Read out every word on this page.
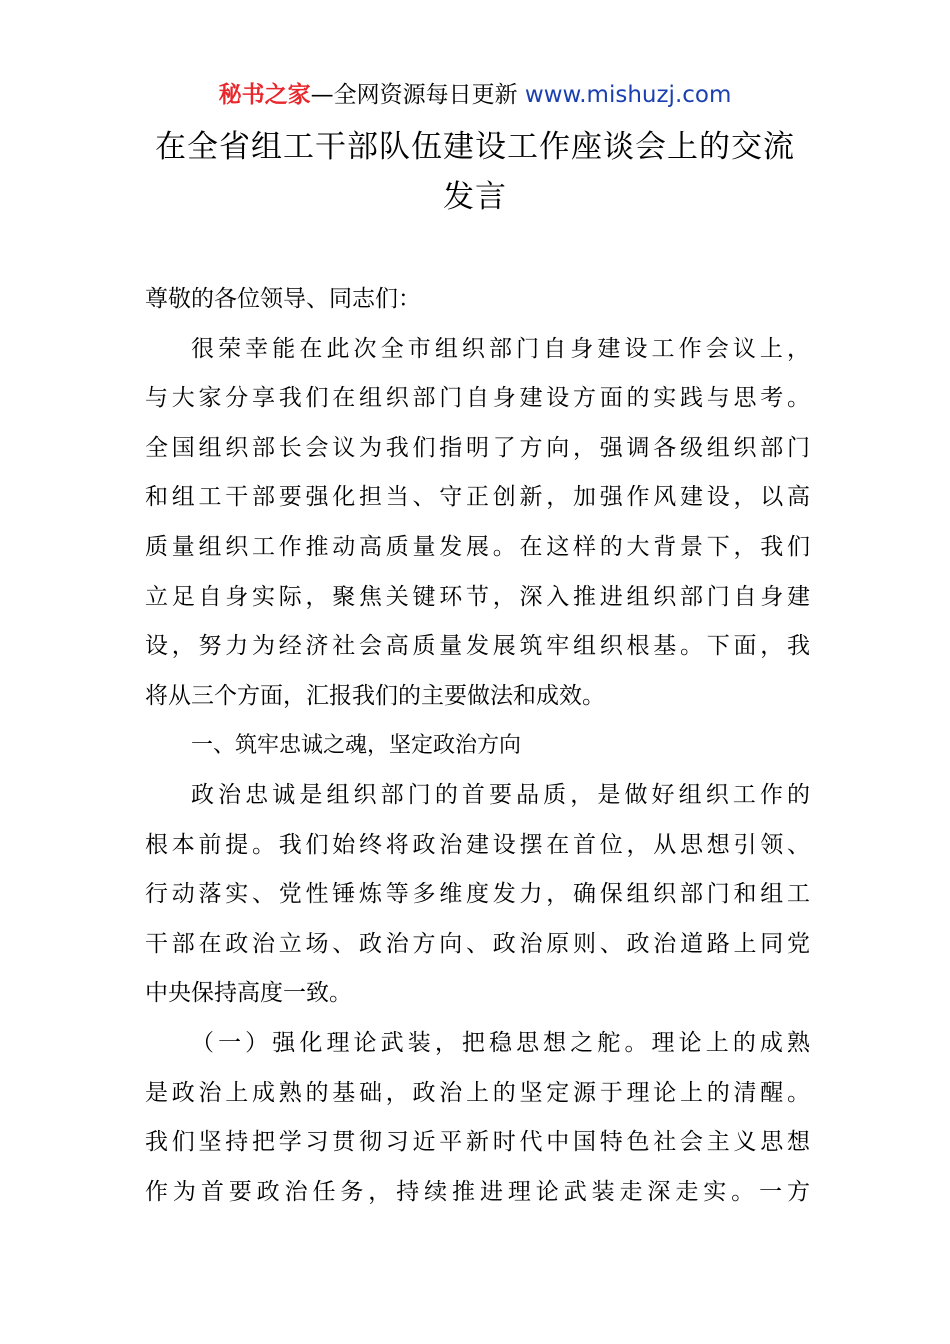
秘书之家—全网资源每日更新 www.mishuzj.com
在全省组工干部队伍建设工作座谈会上的交流
发言
尊敬的各位领导、同志们：
很荣幸能在此次全市组织部门自身建设工作会议上，
与大家分享我们在组织部门自身建设方面的实践与思考。
全国组织部长会议为我们指明了方向，强调各级组织部门
和组工干部要强化担当、守正创新，加强作风建设，以高
质量组织工作推动高质量发展。在这样的大背景下，我们
立足自身实际，聚焦关键环节，深入推进组织部门自身建
设，努力为经济社会高质量发展筑牢组织根基。下面，我
将从三个方面，汇报我们的主要做法和成效。
一、筑牢忠诚之魂，坚定政治方向
政治忠诚是组织部门的首要品质，是做好组织工作的
根本前提。我们始终将政治建设摆在首位，从思想引领、
行动落实、党性锤炼等多维度发力，确保组织部门和组工
干部在政治立场、政治方向、政治原则、政治道路上同党
中央保持高度一致。
（一）强化理论武装，把稳思想之舵。理论上的成熟
是政治上成熟的基础，政治上的坚定源于理论上的清醒。
我们坚持把学习贯彻习近平新时代中国特色社会主义思想
作为首要政治任务，持续推进理论武装走深走实。一方
